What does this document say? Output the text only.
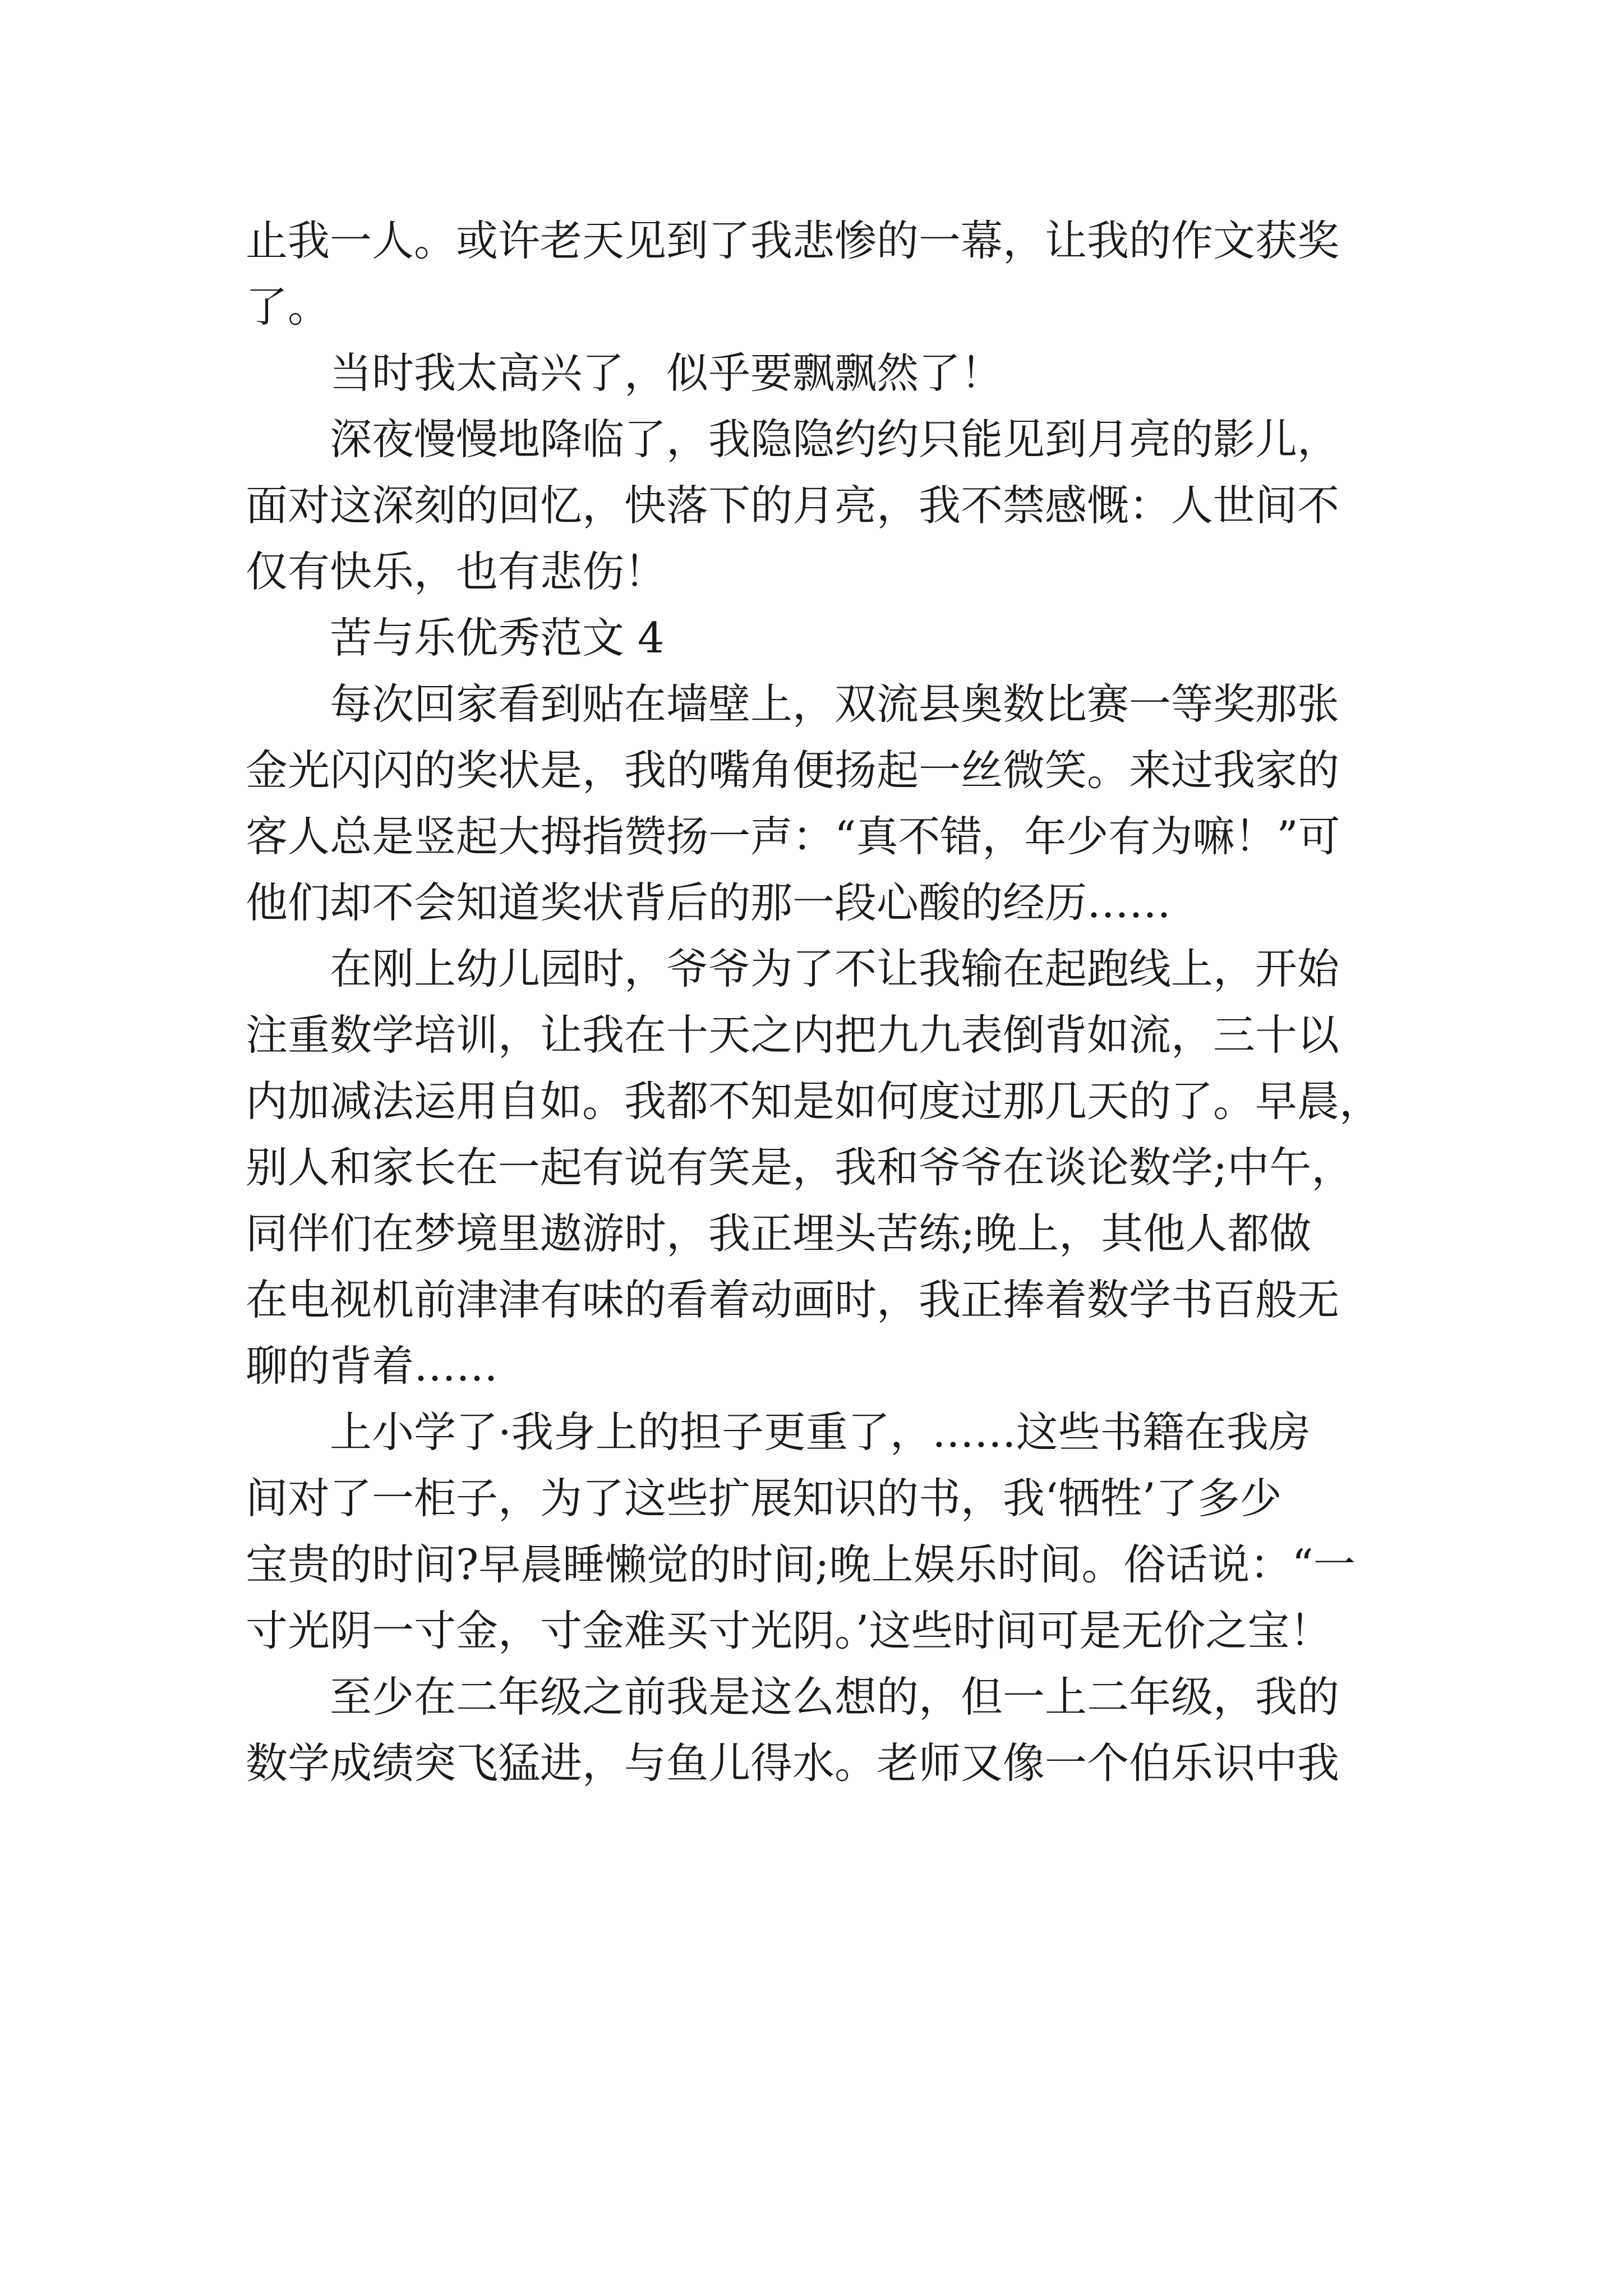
止我一人。或许老天见到了我悲惨的一幕，让我的作文获奖
了。

当时我太高兴了，似乎要飘飘然了！

深夜慢慢地降临了，我隐隐约约只能见到月亮的影儿，
面对这深刻的回忆，快落下的月亮，我不禁感慨：人世间不
仅有快乐，也有悲伤！

苦与乐优秀范文 4

每次回家看到贴在墙壁上，双流县奥数比赛一等奖那张
金光闪闪的奖状是，我的嘴角便扬起一丝微笑。来过我家的
客人总是竖起大拇指赞扬一声：“真不错，年少有为嘛！”可
他们却不会知道奖状背后的那一段心酸的经历……

在刚上幼儿园时，爷爷为了不让我输在起跑线上，开始
注重数学培训，让我在十天之内把九九表倒背如流，三十以
内加减法运用自如。我都不知是如何度过那几天的了。早晨，
别人和家长在一起有说有笑是，我和爷爷在谈论数学;中午，
同伴们在梦境里遨游时，我正埋头苦练;晚上，其他人都做
在电视机前津津有味的看着动画时，我正捧着数学书百般无
聊的背着……

上小学了·我身上的担子更重了，……这些书籍在我房
间对了一柜子，为了这些扩展知识的书，我‘牺牲’了多少
宝贵的时间?早晨睡懒觉的时间;晚上娱乐时间。俗话说：“一
寸光阴一寸金，寸金难买寸光阴。’这些时间可是无价之宝！

至少在二年级之前我是这么想的，但一上二年级，我的
数学成绩突飞猛进，与鱼儿得水。老师又像一个伯乐识中我
